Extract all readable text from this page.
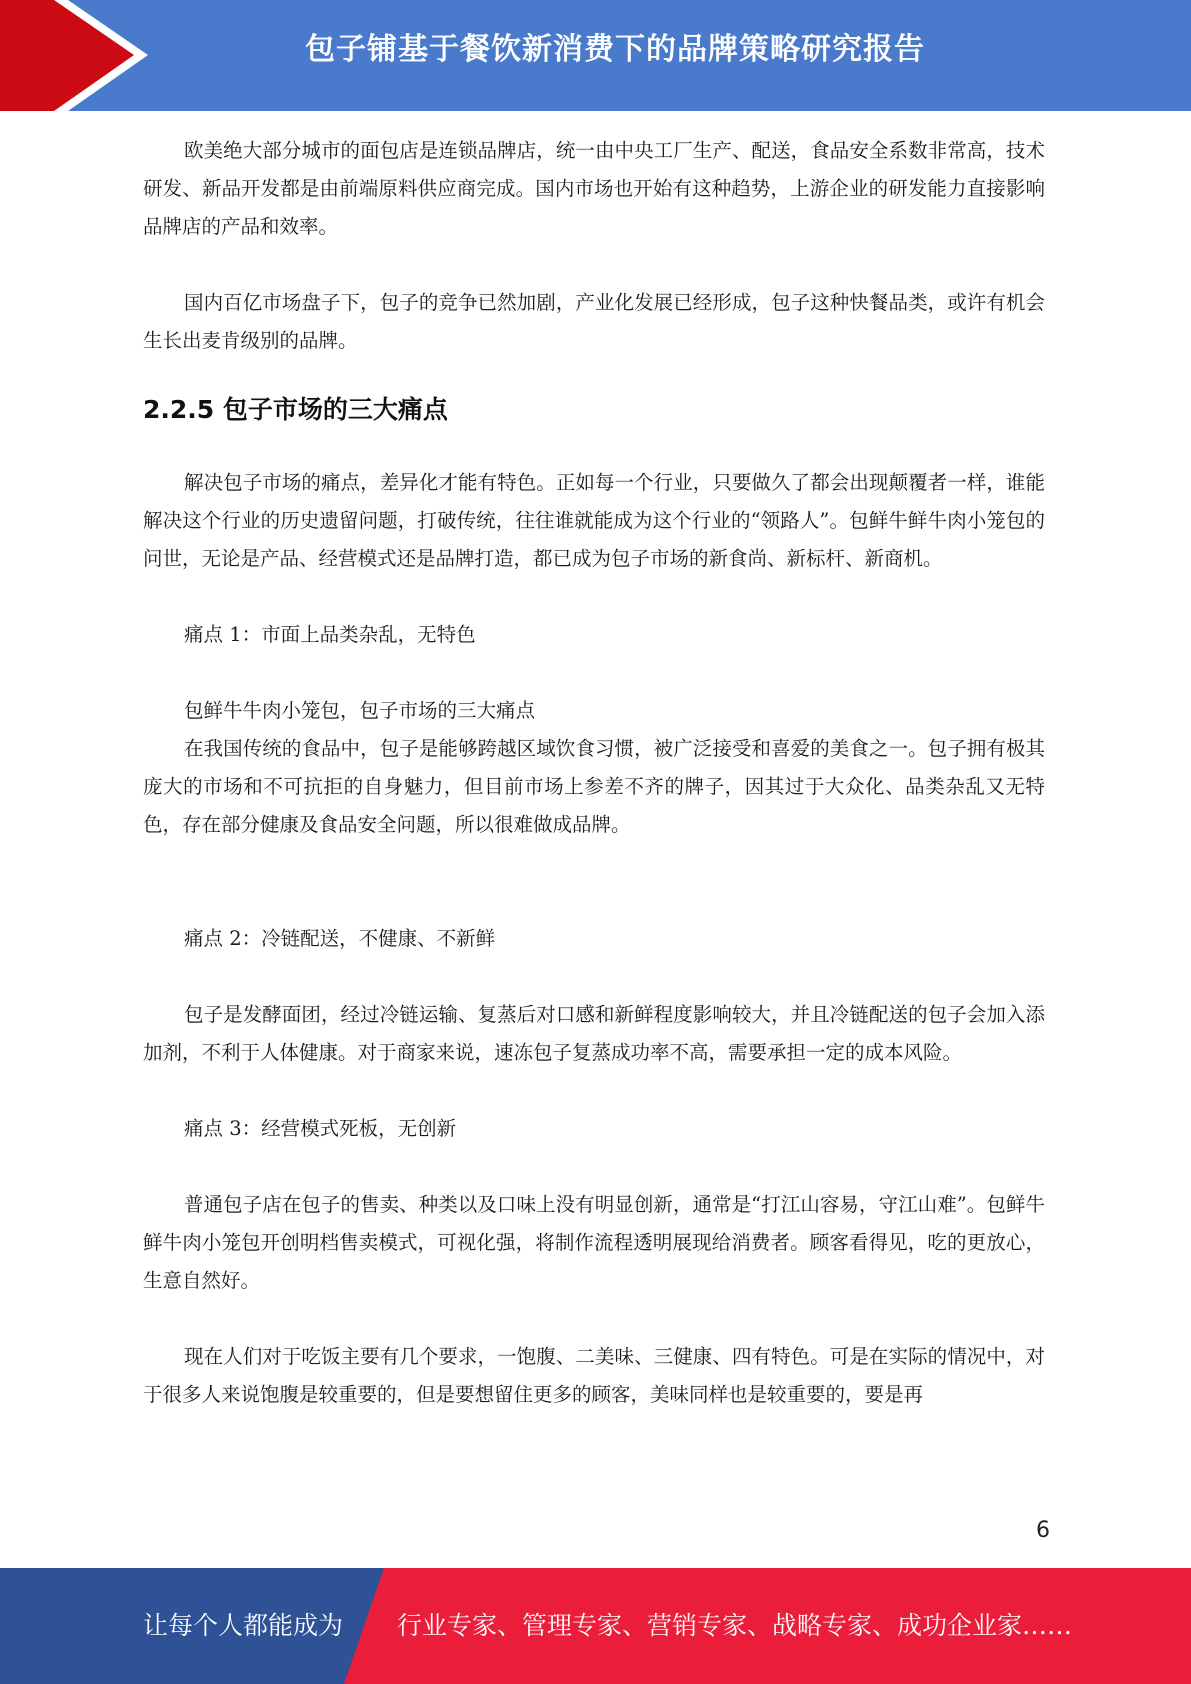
包子铺基于餐饮新消费下的品牌策略研究报告

欧美绝大部分城市的面包店是连锁品牌店，统一由中央工厂生产、配送，食品安全系数非常高，技术研发、新品开发都是由前端原料供应商完成。国内市场也开始有这种趋势，上游企业的研发能力直接影响品牌店的产品和效率。

国内百亿市场盘子下，包子的竞争已然加剧，产业化发展已经形成，包子这种快餐品类，或许有机会生长出麦肯级别的品牌。

2.2.5 包子市场的三大痛点

解决包子市场的痛点，差异化才能有特色。正如每一个行业，只要做久了都会出现颠覆者一样，谁能解决这个行业的历史遗留问题，打破传统，往往谁就能成为这个行业的“领路人”。包鲜牛鲜牛肉小笼包的问世，无论是产品、经营模式还是品牌打造，都已成为包子市场的新食尚、新标杆、新商机。

痛点 1：市面上品类杂乱，无特色

包鲜牛牛肉小笼包，包子市场的三大痛点

在我国传统的食品中，包子是能够跨越区域饮食习惯，被广泛接受和喜爱的美食之一。包子拥有极其庞大的市场和不可抗拒的自身魅力，但目前市场上参差不齐的牌子，因其过于大众化、品类杂乱又无特色，存在部分健康及食品安全问题，所以很难做成品牌。

痛点 2：冷链配送，不健康、不新鲜

包子是发酵面团，经过冷链运输、复蒸后对口感和新鲜程度影响较大，并且冷链配送的包子会加入添加剂，不利于人体健康。对于商家来说，速冻包子复蒸成功率不高，需要承担一定的成本风险。

痛点 3：经营模式死板，无创新

普通包子店在包子的售卖、种类以及口味上没有明显创新，通常是“打江山容易，守江山难”。包鲜牛鲜牛肉小笼包开创明档售卖模式，可视化强，将制作流程透明展现给消费者。顾客看得见，吃的更放心，生意自然好。

现在人们对于吃饭主要有几个要求，一饱腹、二美味、三健康、四有特色。可是在实际的情况中，对于很多人来说饱腹是较重要的，但是要想留住更多的顾客，美味同样也是较重要的，要是再

6
让每个人都能成为 行业专家、管理专家、营销专家、战略专家、成功企业家……
